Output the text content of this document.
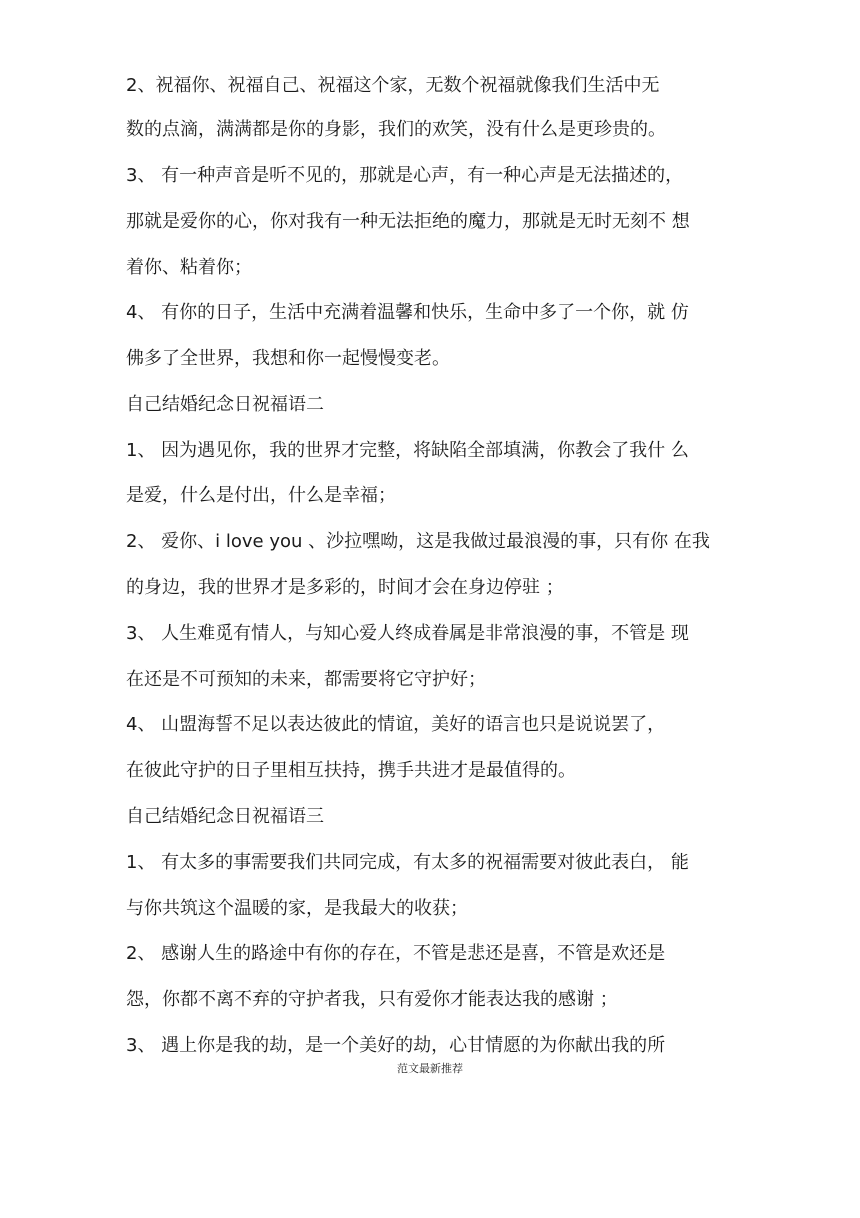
2、祝福你、祝福自己、祝福这个家，无数个祝福就像我们生活中无
数的点滴，满满都是你的身影，我们的欢笑，没有什么是更珍贵的。
3、 有一种声音是听不见的，那就是心声，有一种心声是无法描述的，
那就是爱你的心，你对我有一种无法拒绝的魔力，那就是无时无刻不 想
着你、粘着你；
4、 有你的日子，生活中充满着温馨和快乐，生命中多了一个你，就 仿
佛多了全世界，我想和你一起慢慢变老。
自己结婚纪念日祝福语二
1、 因为遇见你，我的世界才完整，将缺陷全部填满，你教会了我什 么
是爱，什么是付出，什么是幸福；
2、 爱你、i love you 、沙拉嘿呦，这是我做过最浪漫的事，只有你 在我
的身边，我的世界才是多彩的，时间才会在身边停驻 ；
3、 人生难觅有情人，与知心爱人终成眷属是非常浪漫的事，不管是 现
在还是不可预知的未来，都需要将它守护好；
4、 山盟海誓不足以表达彼此的情谊，美好的语言也只是说说罢了，
在彼此守护的日子里相互扶持，携手共进才是最值得的。
自己结婚纪念日祝福语三
1、 有太多的事需要我们共同完成，有太多的祝福需要对彼此表白， 能
与你共筑这个温暖的家，是我最大的收获；
2、 感谢人生的路途中有你的存在，不管是悲还是喜，不管是欢还是
怨，你都不离不弃的守护者我，只有爱你才能表达我的感谢 ；
3、 遇上你是我的劫，是一个美好的劫，心甘情愿的为你献出我的所
范文最新推荐
